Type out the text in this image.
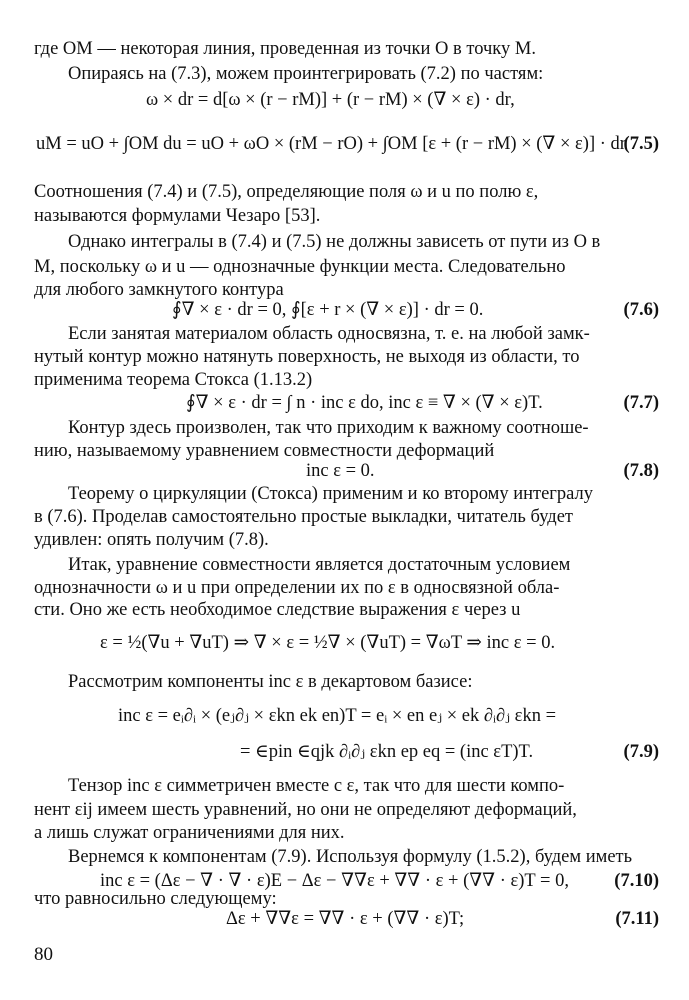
где OM — некоторая линия, проведенная из точки O в точку M.
Опираясь на (7.3), можем проинтегрировать (7.2) по частям:
ω × dr = d[ω × (r − rM)] + (r − rM) × (∇ × ε) · dr,
uM = uO + ∫OM du = uO + ωO × (rM − rO) + ∫OM [ε + (r − rM) × (∇ × ε)] · dr
(7.5)
Соотношения (7.4) и (7.5), определяющие поля ω и u по полю ε,
называются формулами Чезаро [53].
Однако интегралы в (7.4) и (7.5) не должны зависеть от пути из O в
M, поскольку ω и u — однозначные функции места. Следовательно
для любого замкнутого контура
∮∇ × ε · dr = 0, ∮[ε + r × (∇ × ε)] · dr = 0.	(7.6)
Если занятая материалом область односвязна, т. е. на любой замк-
нутый контур можно натянуть поверхность, не выходя из области, то
применима теорема Стокса (1.13.2)
∮∇ × ε · dr = ∫ n · inc ε do, inc ε ≡ ∇ × (∇ × ε)T.	(7.7)
Контур здесь произволен, так что приходим к важному соотноше-
нию, называемому уравнением совместности деформаций
inc ε = 0.	(7.8)
Теорему о циркуляции (Стокса) применим и ко второму интегралу
в (7.6). Проделав самостоятельно простые выкладки, читатель будет
удивлен: опять получим (7.8).
Итак, уравнение совместности является достаточным условием
однозначности ω и u при определении их по ε в односвязной обла-
сти. Оно же есть необходимое следствие выражения ε через u
ε = ½(∇u + ∇uT) ⇒ ∇ × ε = ½∇ × (∇uT) = ∇ωT ⇒ inc ε = 0.
Рассмотрим компоненты inc ε в декартовом базисе:
inc ε = eᵢ∂ᵢ × (eⱼ∂ⱼ × εkn ek en)T = eᵢ × en eⱼ × ek ∂ᵢ∂ⱼ εkn =
= ∈pin ∈qjk ∂ᵢ∂ⱼ εkn ep eq = (inc εT)T.	(7.9)
Тензор inc ε симметричен вместе с ε, так что для шести компо-
нент εij имеем шесть уравнений, но они не определяют деформаций,
а лишь служат ограничениями для них.
Вернемся к компонентам (7.9). Используя формулу (1.5.2), будем иметь
inc ε = (Δε − ∇ · ∇ · ε)E − Δε − ∇∇ε + ∇∇ · ε + (∇∇ · ε)T = 0, (7.10)
что равносильно следующему:
Δε + ∇∇ε = ∇∇ · ε + (∇∇ · ε)T;	(7.11)
80
